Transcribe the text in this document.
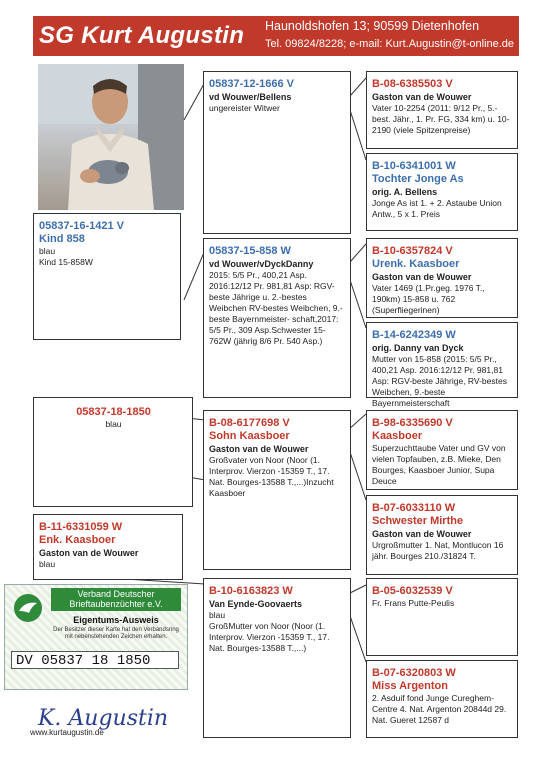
SG Kurt Augustin Haunoldshofen 13; 90599 Dietenhofen
Tel. 09824/8228; e-mail: Kurt.Augustin@t-online.de
05837-16-1421 V
Kind 858
blau
Kind 15-858W
05837-12-1666 V
vd Wouwer/Bellens
ungereister Witwer
B-08-6385503 V
Gaston van de Wouwer
Vater 10-2254 (2011: 9/12 Pr., 5.-best. Jähr., 1. Pr. FG, 334 km) u. 10-2190 (viele Spitzenpreise)
B-10-6341001 W
Tochter Jonge As
orig. A. Bellens
Jonge As ist 1. + 2. Astaube Union Antw., 5 x 1. Preis
05837-15-858 W
vd Wouwer/vDyckDanny
2015: 5/5 Pr., 400,21 Asp. 2016:12/12 Pr. 981,81 Asp: RGV-beste Jährige u. 2.-bestes Weibchen RV-bestes Weibchen, 9.-beste Bayernmeister- schaft,2017: 5/5 Pr., 309 Asp.Schwester 15-762W (jährig 8/6 Pr. 540 Asp.)
B-10-6357824 V
Urenk. Kaasboer
Gaston van de Wouwer
Vater 1469 (1.Pr.geg. 1976 T., 190km) 15-858 u. 762 (Superfliegerinen)
B-14-6242349 W
orig. Danny van Dyck
Mutter von 15-858 (2015: 5/5 Pr., 400,21 Asp. 2016:12/12 Pr. 981,81 Asp: RGV-beste Jährige, RV-bestes Weibchen, 9.-beste Bayernmeisterschaft
05837-18-1850
blau	B-08-6177698 V
Sohn Kaasboer
Gaston van de Wouwer
Großvater von Noor (Noor (1. Interprov. Vierzon -15359 T., 17. Nat. Bourges-13588 T.,...)Inzucht Kaasboer
B-98-6335690 V
Kaasboer
Superzuchttaube Vater und GV von vielen Topfauben, z.B. Mieke, Den Bourges, Kaasboer Junior, Supa Deuce
B-07-6033110 W
Schwester Mirthe
Gaston van de Wouwer
Urgroßmutter 1. Nat, Montlucon 16 jähr. Bourges 210./31824 T.
B-11-6331059 W
Enk. Kaasboer
Gaston van de Wouwer
blau
B-10-6163823 W
Van Eynde-Goovaerts
blau
GroßMutter von Noor (Noor (1. Interprov. Vierzon -15359 T., 17. Nat. Bourges-13588 T.,...)
B-05-6032539 V
Fr. Frans Putte-Peulis
B-07-6320803 W
Miss Argenton
2. Asduif fond Junge Cureghem-Centre 4. Nat. Argenton 20844d 29. Nat. Gueret 12587 d
Verband Deutscher Brieftaubenzüchter e.V.
Eigentums-Ausweis
Der Besitzer dieser Karte hat den Verbandsring mit nebenstehenden Zeichen erhalten.
DV 05837 18 1850
K. Augustin
www.kurtaugustin.de
